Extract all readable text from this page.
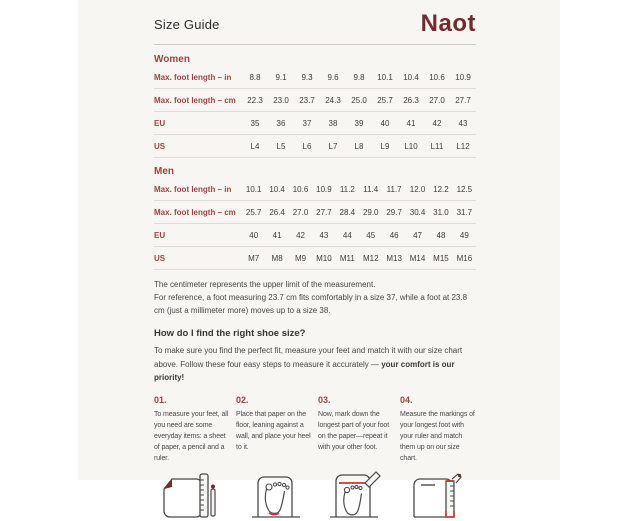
Size Guide	Naot
Women
Max. foot length – in	8.8	9.1	9.3	9.6	9.8	10.1	10.4	10.6	10.9
Max. foot length – cm	22.3	23.0	23.7	24.3	25.0	25.7	26.3	27.0	27.7
EU	35	36	37	38	39	40	41	42	43
US	L4	L5	L6	L7	L8	L9	L10	L11	L12
Men
Max. foot length – in	10.1 10.4 10.6 10.9	11.2	11.4	11.7	12.0 12.2 12.5
Max. foot length – cm	25.7 26.4 27.0 27.7 28.4 29.0 29.7 30.4 31.0 31.7
EU	40	41	42	43	44	45	46	47	48	49
US	M7	M8	M9	M10	M11	M12 M13 M14 M15 M16
The centimeter represents the upper limit of the measurement.
For reference, a foot measuring 23.7 cm fits comfortably in a size 37, while a foot at 23.8 cm (just a millimeter more) moves up to a size 38.
How do I find the right shoe size?
To make sure you find the perfect fit, measure your feet and match it with our size chart above. Follow these four easy steps to measure it accurately — your comfort is our priority!
01.
To measure your feet, all you need are some everyday items: a sheet of paper, a pencil and a ruler.
02.
Place that paper on the floor, leaning against a wall, and place your heel to it.
03.
Now, mark down the longest part of your foot on the paper—repeat it with your other foot.
04.
Measure the markings of your longest foot with your ruler and match them up on our size chart.
